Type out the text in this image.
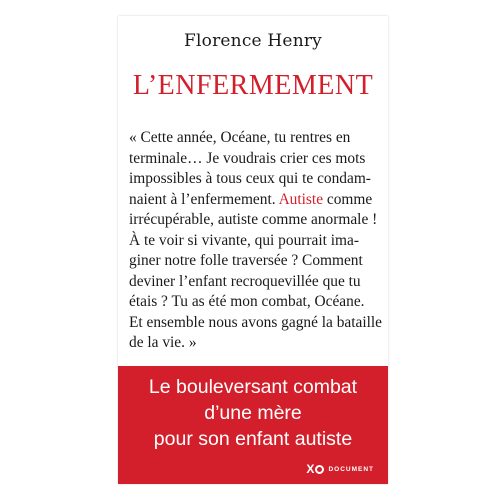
Florence Henry
L’ENFERMEMENT
« Cette année, Océane, tu rentres en
terminale… Je voudrais crier ces mots
impossibles à tous ceux qui te condam-
naient à l’enfermement. Autiste comme
irrécupérable, autiste comme anormale !
À te voir si vivante, qui pourrait ima-
giner notre folle traversée ? Comment
deviner l’enfant recroquevillée que tu
étais ? Tu as été mon combat, Océane.
Et ensemble nous avons gagné la bataille
de la vie. »
Le bouleversant combat
d’une mère
pour son enfant autiste
X DOCUMENT
